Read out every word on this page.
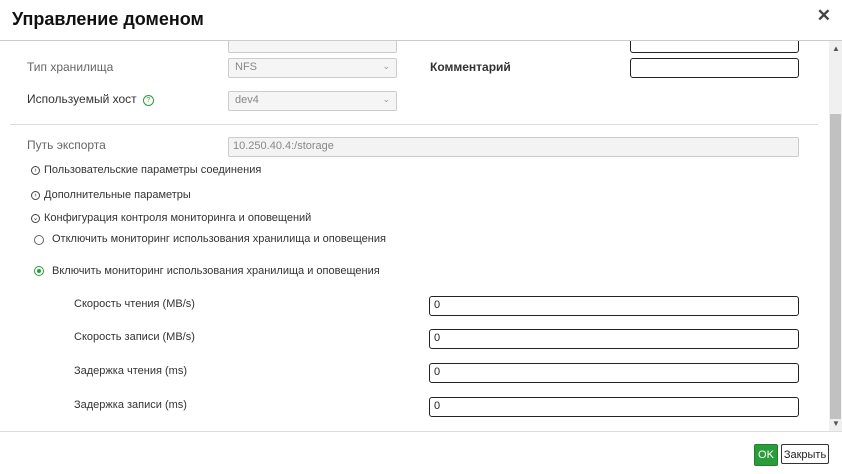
Управление доменом	✕
Тип хранилища	NFS	⌄	Комментарий
Используемый хост ?	dev4	⌄
Путь экспорта	10.250.40.4:/storage
› Пользовательские параметры соединения
› Дополнительные параметры
⌄ Конфигурация контроля мониторинга и оповещений
Отключить мониторинг использования хранилища и оповещения
Включить мониторинг использования хранилища и оповещения
Скорость чтения (MB/s)	0
Скорость записи (MB/s)	0
Задержка чтения (ms)	0
Задержка записи (ms)	0
▲
▼
OK Закрыть
